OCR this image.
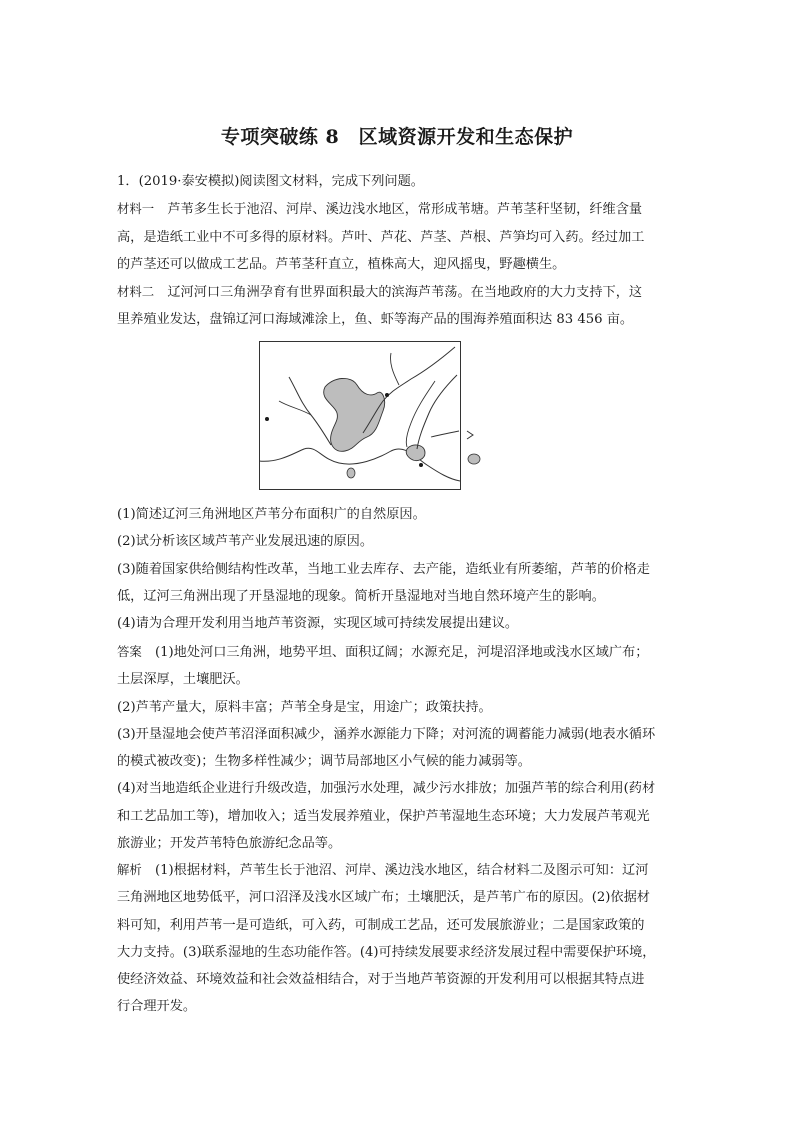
专项突破练 8　区域资源开发和生态保护

1．(2019·泰安模拟)阅读图文材料，完成下列问题。

材料一　芦苇多生长于池沼、河岸、溪边浅水地区，常形成苇塘。芦苇茎秆坚韧，纤维含量

高，是造纸工业中不可多得的原材料。芦叶、芦花、芦茎、芦根、芦笋均可入药。经过加工

的芦茎还可以做成工艺品。芦苇茎秆直立，植株高大，迎风摇曳，野趣横生。

材料二　辽河河口三角洲孕育有世界面积最大的滨海芦苇荡。在当地政府的大力支持下，这

里养殖业发达，盘锦辽河口海域滩涂上，鱼、虾等海产品的围海养殖面积达 83 456 亩。

(1)简述辽河三角洲地区芦苇分布面积广的自然原因。

(2)试分析该区域芦苇产业发展迅速的原因。

(3)随着国家供给侧结构性改革，当地工业去库存、去产能，造纸业有所萎缩，芦苇的价格走

低，辽河三角洲出现了开垦湿地的现象。简析开垦湿地对当地自然环境产生的影响。

(4)请为合理开发利用当地芦苇资源，实现区域可持续发展提出建议。

答案　(1)地处河口三角洲，地势平坦、面积辽阔；水源充足，河堤沼泽地或浅水区域广布；

土层深厚，土壤肥沃。

(2)芦苇产量大，原料丰富；芦苇全身是宝，用途广；政策扶持。

(3)开垦湿地会使芦苇沼泽面积减少，涵养水源能力下降；对河流的调蓄能力减弱(地表水循环

的模式被改变)；生物多样性减少；调节局部地区小气候的能力减弱等。

(4)对当地造纸企业进行升级改造，加强污水处理，减少污水排放；加强芦苇的综合利用(药材

和工艺品加工等)，增加收入；适当发展养殖业，保护芦苇湿地生态环境；大力发展芦苇观光

旅游业；开发芦苇特色旅游纪念品等。

解析　(1)根据材料，芦苇生长于池沼、河岸、溪边浅水地区，结合材料二及图示可知：辽河

三角洲地区地势低平，河口沼泽及浅水区域广布；土壤肥沃，是芦苇广布的原因。(2)依据材

料可知，利用芦苇一是可造纸，可入药，可制成工艺品，还可发展旅游业；二是国家政策的

大力支持。(3)联系湿地的生态功能作答。(4)可持续发展要求经济发展过程中需要保护环境，

使经济效益、环境效益和社会效益相结合，对于当地芦苇资源的开发利用可以根据其特点进

行合理开发。
